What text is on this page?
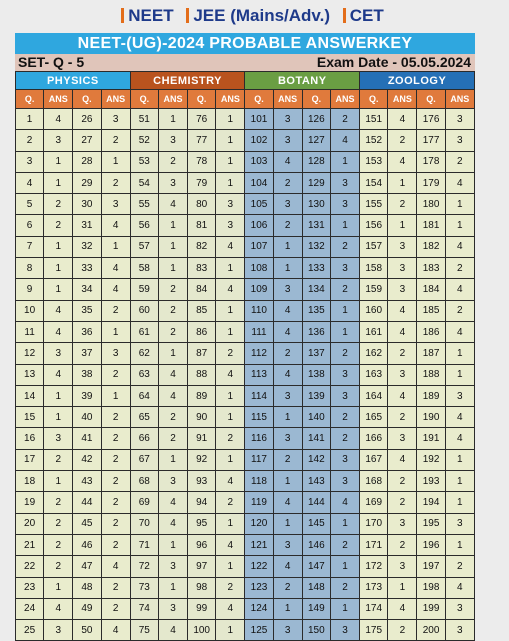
NEET JEE (Mains/Adv.) CET
NEET-(UG)-2024 PROBABLE ANSWERKEY
SET- Q - 5	Exam Date - 05.05.2024
PHYSICS				CHEMISTRY				BOTANY				ZOOLOGY			
Q.	ANS	Q.	ANS	Q.	ANS	Q.	ANS	Q.	ANS	Q.	ANS	Q.	ANS	Q.	ANS
1	4	26	3	51	1	76	1	101	3	126	2	151	4	176	3
2	3	27	2	52	3	77	1	102	3	127	4	152	2	177	3
3	1	28	1	53	2	78	1	103	4	128	1	153	4	178	2
4	1	29	2	54	3	79	1	104	2	129	3	154	1	179	4
5	2	30	3	55	4	80	3	105	3	130	3	155	2	180	1
6	2	31	4	56	1	81	3	106	2	131	1	156	1	181	1
7	1	32	1	57	1	82	4	107	1	132	2	157	3	182	4
8	1	33	4	58	1	83	1	108	1	133	3	158	3	183	2
9	1	34	4	59	2	84	4	109	3	134	2	159	3	184	4
10	4	35	2	60	2	85	1	110	4	135	1	160	4	185	2
11	4	36	1	61	2	86	1	111	4	136	1	161	4	186	4
12	3	37	3	62	1	87	2	112	2	137	2	162	2	187	1
13	4	38	2	63	4	88	4	113	4	138	3	163	3	188	1
14	1	39	1	64	4	89	1	114	3	139	3	164	4	189	3
15	1	40	2	65	2	90	1	115	1	140	2	165	2	190	4
16	3	41	2	66	2	91	2	116	3	141	2	166	3	191	4
17	2	42	2	67	1	92	1	117	2	142	3	167	4	192	1
18	1	43	2	68	3	93	4	118	1	143	3	168	2	193	1
19	2	44	2	69	4	94	2	119	4	144	4	169	2	194	1
20	2	45	2	70	4	95	1	120	1	145	1	170	3	195	3
21	2	46	2	71	1	96	4	121	3	146	2	171	2	196	1
22	2	47	4	72	3	97	1	122	4	147	1	172	3	197	2
23	1	48	2	73	1	98	2	123	2	148	2	173	1	198	4
24	4	49	2	74	3	99	4	124	1	149	1	174	4	199	3
25	3	50	4	75	4	100	1	125	3	150	3	175	2	200	3
